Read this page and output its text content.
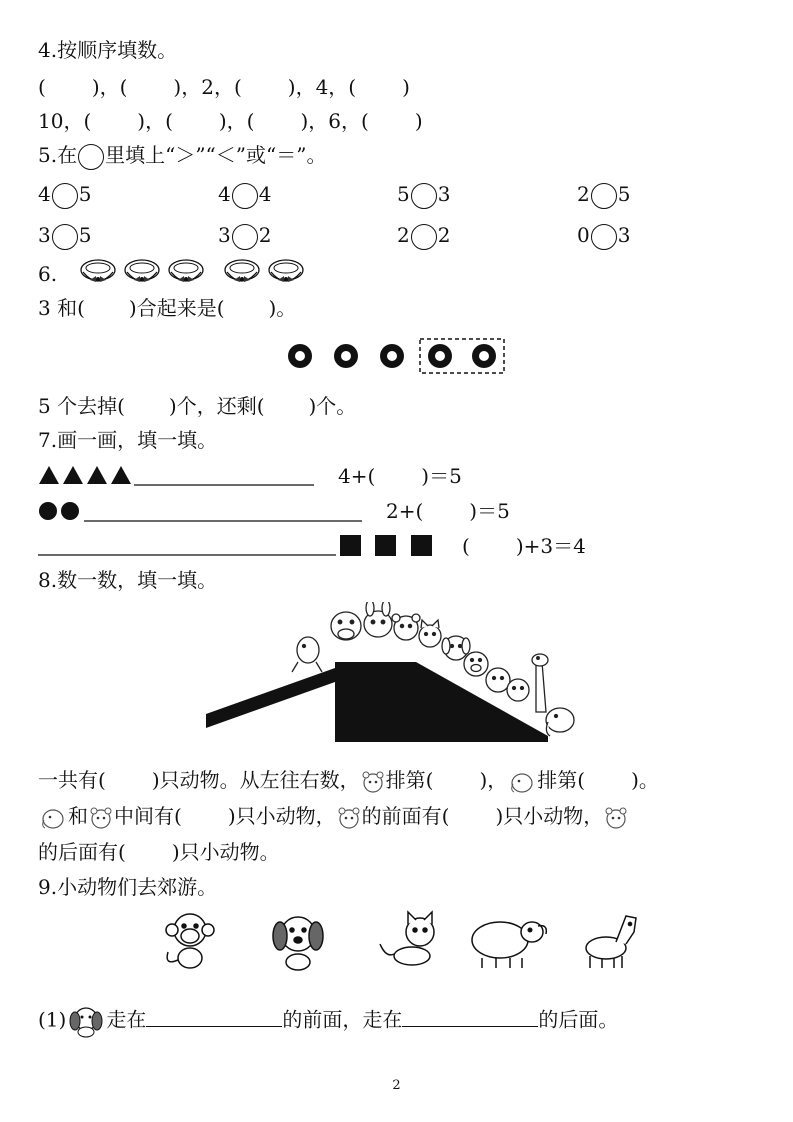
4.按顺序填数。
( )，( )，2，( )，4，( )
10，( )，( )，( )，6，( )
5.在 里填上“＞”“＜”或“＝”。
4 5	4 4	5 3	2 5
3 5	3 2	2 2	0 3
6.
3 和( )合起来是( )。
5 个去掉( )个，还剩( )个。
7.画一画，填一填。
4+( )＝5
2+( )＝5
( )+3＝4
8.数一数，填一填。
一共有( )只动物。从左往右数， 排第( )， 排第( )。
和 中间有( )只小动物， 的前面有( )只小动物，
的后面有( )只小动物。
9.小动物们去郊游。
(1) 走在	的前面，走在	的后面。
2
